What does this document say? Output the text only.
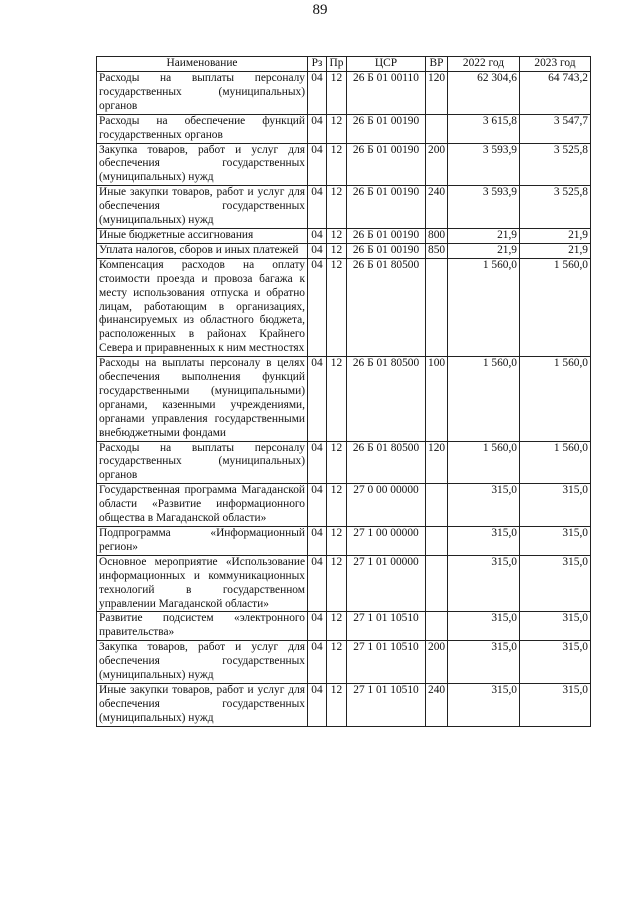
89
Наименование	Рз	Пр	ЦСР	ВР	2022 год	2023 год
Расходы на выплаты персоналу государственных (муниципальных) органов	04	12	26 Б 01 00110	120	62 304,6	64 743,2
Расходы на обеспечение функций государственных органов	04	12	26 Б 01 00190		3 615,8	3 547,7
Закупка товаров, работ и услуг для обеспечения государственных (муниципальных) нужд	04	12	26 Б 01 00190	200	3 593,9	3 525,8
Иные закупки товаров, работ и услуг для обеспечения государственных (муниципальных) нужд	04	12	26 Б 01 00190	240	3 593,9	3 525,8
Иные бюджетные ассигнования	04	12	26 Б 01 00190	800	21,9	21,9
Уплата налогов, сборов и иных платежей	04	12	26 Б 01 00190	850	21,9	21,9
Компенсация расходов на оплату стоимости проезда и провоза багажа к месту использования отпуска и обратно лицам, работающим в организациях, финансируемых из областного бюджета, расположенных в районах Крайнего Севера и приравненных к ним местностях	04	12	26 Б 01 80500		1 560,0	1 560,0
Расходы на выплаты персоналу в целях обеспечения выполнения функций государственными (муниципальными) органами, казенными учреждениями, органами управления государственными внебюджетными фондами	04	12	26 Б 01 80500	100	1 560,0	1 560,0
Расходы на выплаты персоналу государственных (муниципальных) органов	04	12	26 Б 01 80500	120	1 560,0	1 560,0
Государственная программа Магаданской области «Развитие информационного общества в Магаданской области»	04	12	27 0 00 00000		315,0	315,0
Подпрограмма «Информационный регион»	04	12	27 1 00 00000		315,0	315,0
Основное мероприятие «Использование информационных и коммуникационных технологий в государственном управлении Магаданской области»	04	12	27 1 01 00000		315,0	315,0
Развитие подсистем «электронного правительства»	04	12	27 1 01 10510		315,0	315,0
Закупка товаров, работ и услуг для обеспечения государственных (муниципальных) нужд	04	12	27 1 01 10510	200	315,0	315,0
Иные закупки товаров, работ и услуг для обеспечения государственных (муниципальных) нужд	04	12	27 1 01 10510	240	315,0	315,0
